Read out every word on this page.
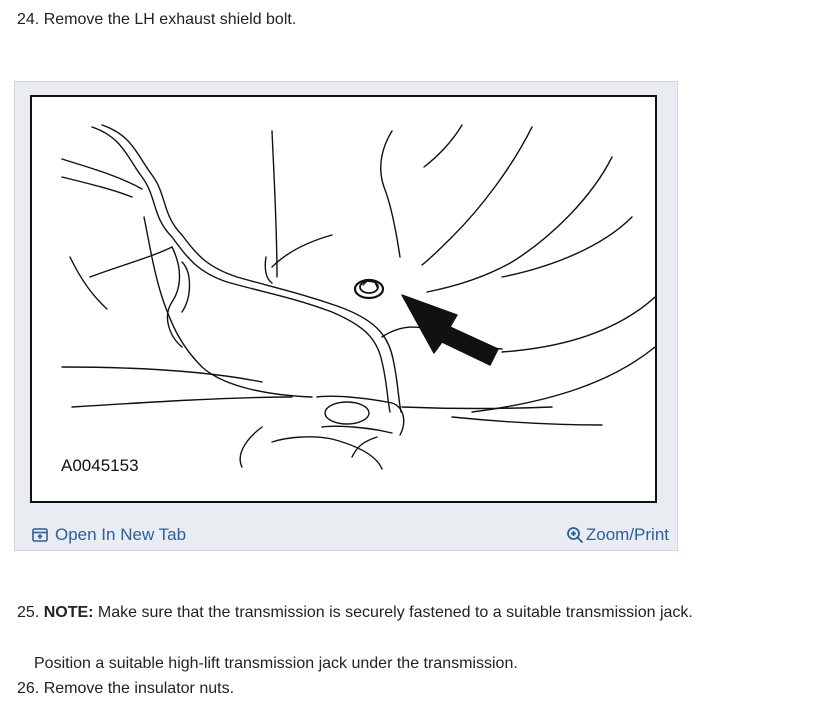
24. Remove the LH exhaust shield bolt.
A0045153
Open In New Tab	Zoom/Print
25. NOTE: Make sure that the transmission is securely fastened to a suitable transmission jack.
Position a suitable high-lift transmission jack under the transmission.
26. Remove the insulator nuts.
